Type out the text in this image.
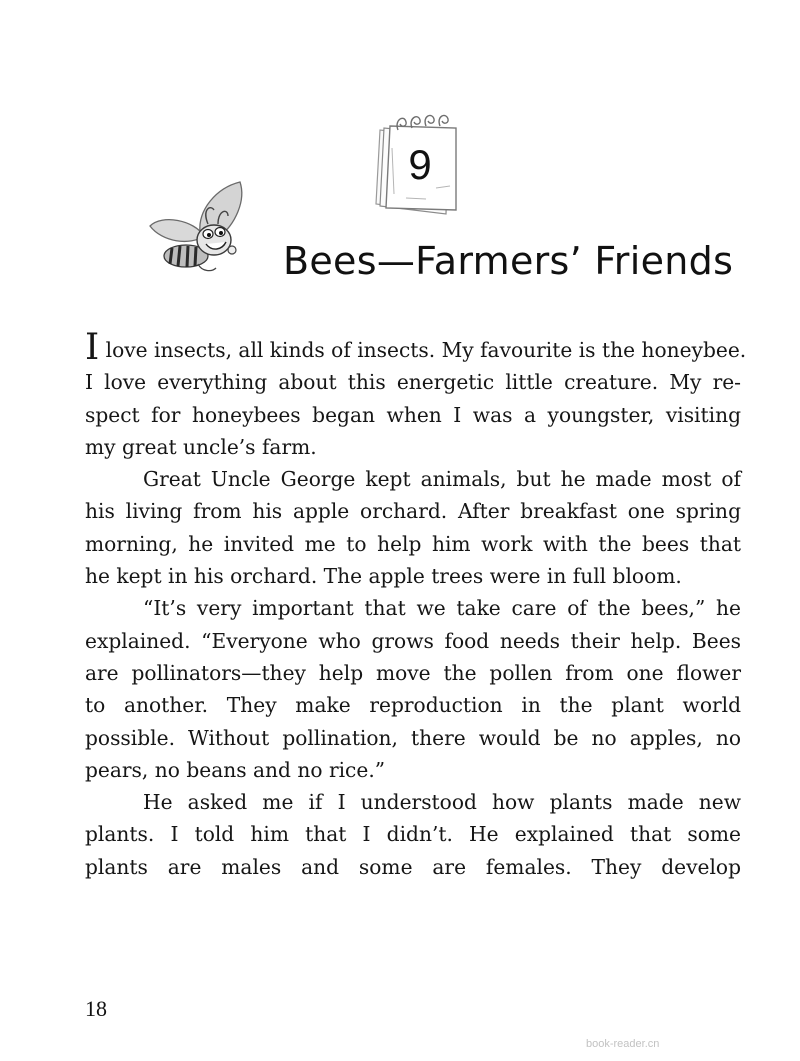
9
Bees—Farmers’ Friends
I love insects, all kinds of insects. My favourite is the honeybee.
I love everything about this energetic little creature. My re-
spect for honeybees began when I was a youngster, visiting
my great uncle’s farm.
Great Uncle George kept animals, but he made most of
his living from his apple orchard. After breakfast one spring
morning, he invited me to help him work with the bees that
he kept in his orchard. The apple trees were in full bloom.
“It’s very important that we take care of the bees,” he
explained. “Everyone who grows food needs their help. Bees
are pollinators—they help move the pollen from one flower
to another. They make reproduction in the plant world
possible. Without pollination, there would be no apples, no
pears, no beans and no rice.”
He asked me if I understood how plants made new
plants. I told him that I didn’t. He explained that some
plants are males and some are females. They develop
18
book-reader.cn
